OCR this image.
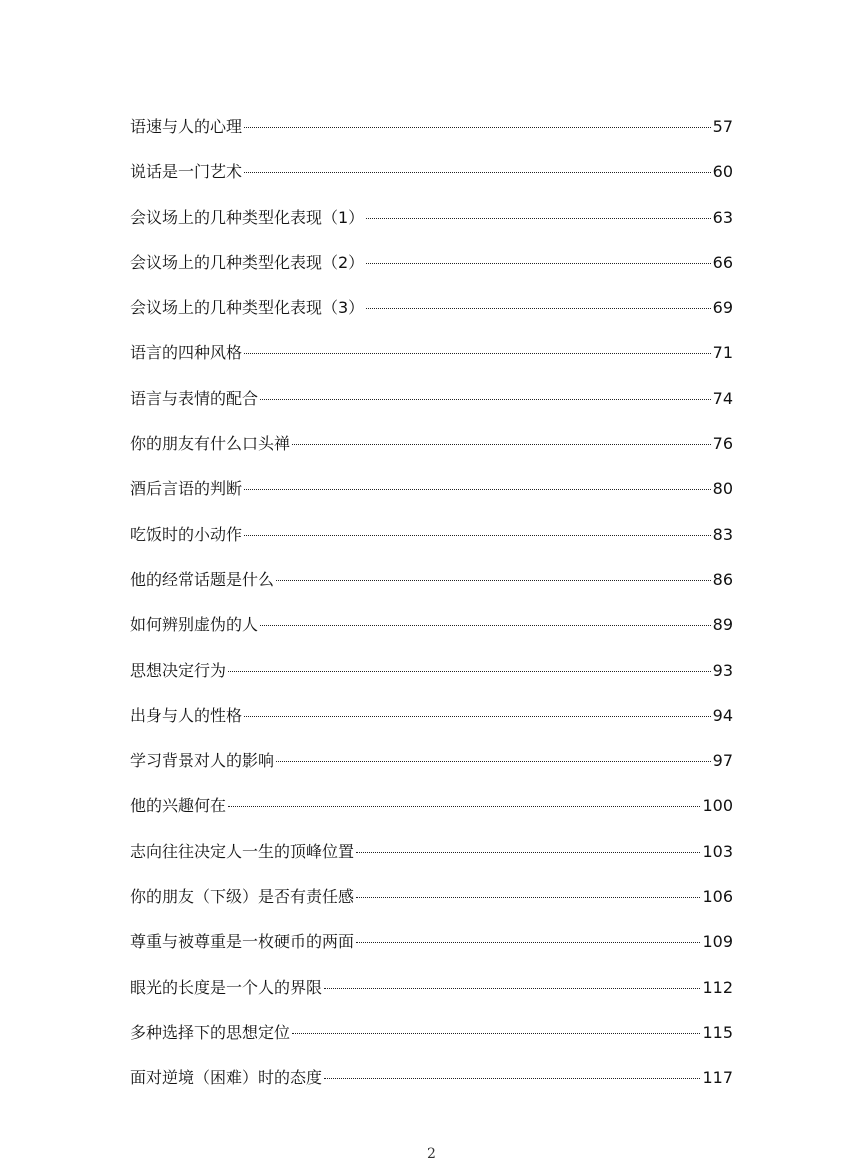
语速与人的心理	57
说话是一门艺术	60
会议场上的几种类型化表现（1）	63
会议场上的几种类型化表现（2）	66
会议场上的几种类型化表现（3）	69
语言的四种风格	71
语言与表情的配合	74
你的朋友有什么口头禅	76
酒后言语的判断	80
吃饭时的小动作	83
他的经常话题是什么	86
如何辨别虚伪的人	89
思想决定行为	93
出身与人的性格	94
学习背景对人的影响	97
他的兴趣何在	100
志向往往决定人一生的顶峰位置	103
你的朋友（下级）是否有责任感	106
尊重与被尊重是一枚硬币的两面	109
眼光的长度是一个人的界限	112
多种选择下的思想定位	115
面对逆境（困难）时的态度	117
2
